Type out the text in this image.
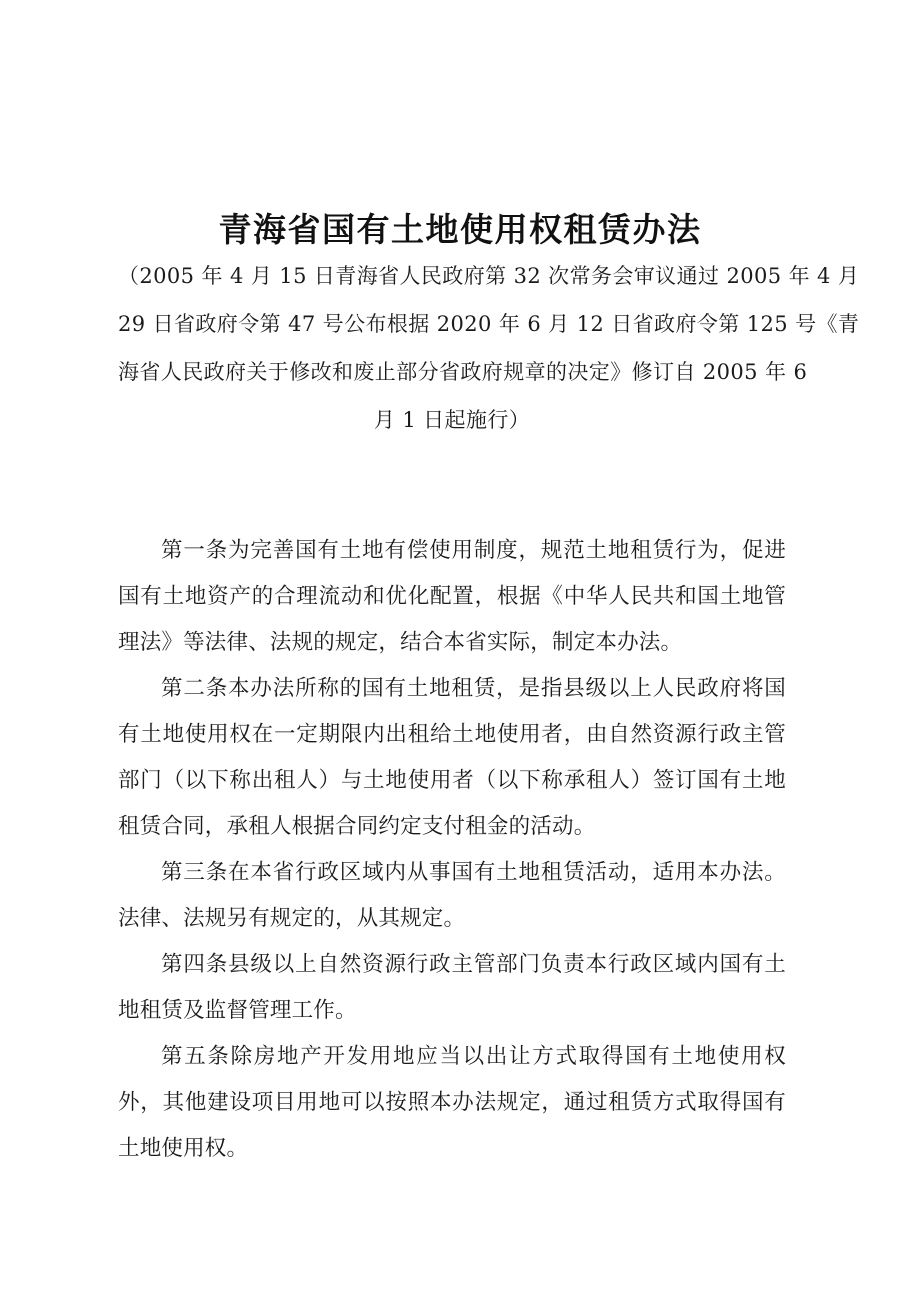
青海省国有土地使用权租赁办法
（2005 年 4 月 15 日青海省人民政府第 32 次常务会审议通过 2005 年 4 月
29 日省政府令第 47 号公布根据 2020 年 6 月 12 日省政府令第 125 号《青
海省人民政府关于修改和废止部分省政府规章的决定》修订自 2005 年 6
月 1 日起施行）

第一条为完善国有土地有偿使用制度，规范土地租赁行为，促进国有土地资产的合理流动和优化配置，根据《中华人民共和国土地管理法》等法律、法规的规定，结合本省实际，制定本办法。

第二条本办法所称的国有土地租赁，是指县级以上人民政府将国有土地使用权在一定期限内出租给土地使用者，由自然资源行政主管部门（以下称出租人）与土地使用者（以下称承租人）签订国有土地租赁合同，承租人根据合同约定支付租金的活动。

第三条在本省行政区域内从事国有土地租赁活动，适用本办法。法律、法规另有规定的，从其规定。

第四条县级以上自然资源行政主管部门负责本行政区域内国有土地租赁及监督管理工作。

第五条除房地产开发用地应当以出让方式取得国有土地使用权外，其他建设项目用地可以按照本办法规定，通过租赁方式取得国有土地使用权。
